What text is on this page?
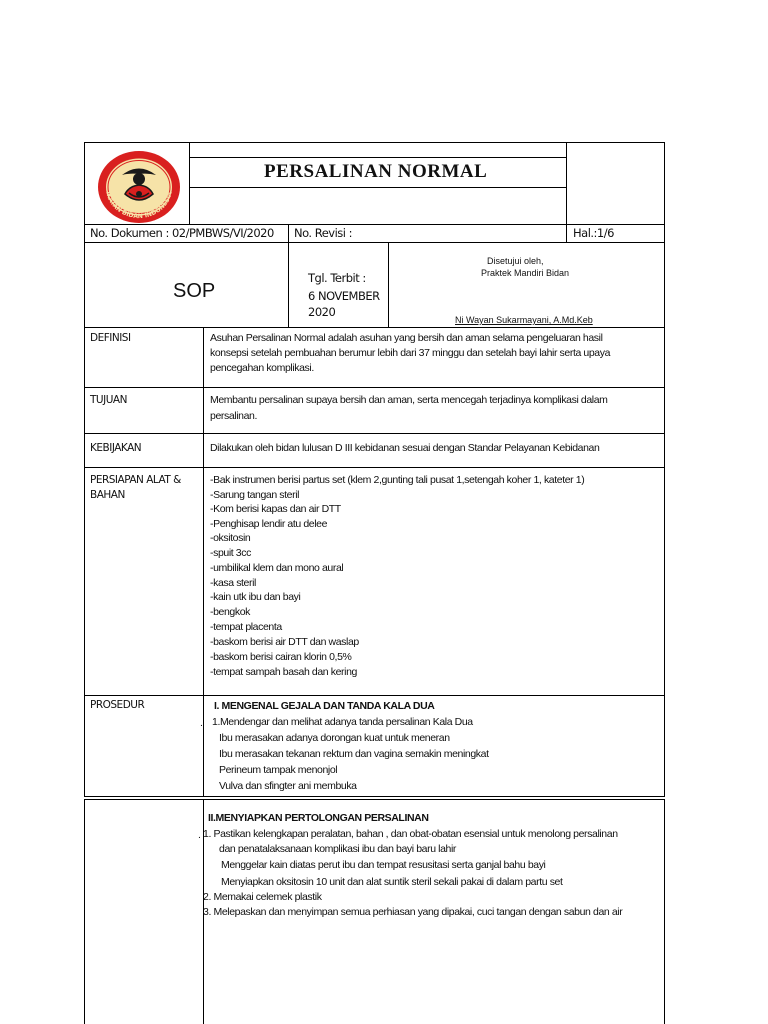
IKATAN BIDAN INDONESIA
PERSALINAN NORMAL
No. Dokumen : 02/PMBWS/VI/2020 No. Revisi :	Hal.:1/6
SOP
Tgl. Terbit :
6 NOVEMBER
2020
Disetujui oleh,
Praktek Mandiri Bidan
Ni Wayan Sukarmayani, A.Md.Keb
DEFINISI	Asuhan Persalinan Normal adalah asuhan yang bersih dan aman selama pengeluaran hasil
konsepsi setelah pembuahan berumur lebih dari 37 minggu dan setelah bayi lahir serta upaya
pencegahan komplikasi.
TUJUAN	Membantu persalinan supaya bersih dan aman, serta mencegah terjadinya komplikasi dalam
persalinan.
KEBIJAKAN	Dilakukan oleh bidan lulusan D III kebidanan sesuai dengan Standar Pelayanan Kebidanan
PERSIAPAN ALAT &
BAHAN
-Bak instrumen berisi partus set (klem 2,gunting tali pusat 1,setengah koher 1, kateter 1)
-Sarung tangan steril
-Kom berisi kapas dan air DTT
-Penghisap lendir atu delee
-oksitosin
-spuit 3cc
-umbilikal klem dan mono aural
-kasa steril
-kain utk ibu dan bayi
-bengkok
-tempat placenta
-baskom berisi air DTT dan waslap
-baskom berisi cairan klorin 0,5%
-tempat sampah basah dan kering
PROSEDUR	I. MENGENAL GEJALA DAN TANDA KALA DUA
. 1.Mendengar dan melihat adanya tanda persalinan Kala Dua
Ibu merasakan adanya dorongan kuat untuk meneran
Ibu merasakan tekanan rektum dan vagina semakin meningkat
Perineum tampak menonjol
Vulva dan sfingter ani membuka
II.MENYIAPKAN PERTOLONGAN PERSALINAN
. 1. Pastikan kelengkapan peralatan, bahan , dan obat-obatan esensial untuk menolong persalinan
dan penatalaksanaan komplikasi ibu dan bayi baru lahir
Menggelar kain diatas perut ibu dan tempat resusitasi serta ganjal bahu bayi
Menyiapkan oksitosin 10 unit dan alat suntik steril sekali pakai di dalam partu set
2. Memakai celemek plastik
3. Melepaskan dan menyimpan semua perhiasan yang dipakai, cuci tangan dengan sabun dan air
